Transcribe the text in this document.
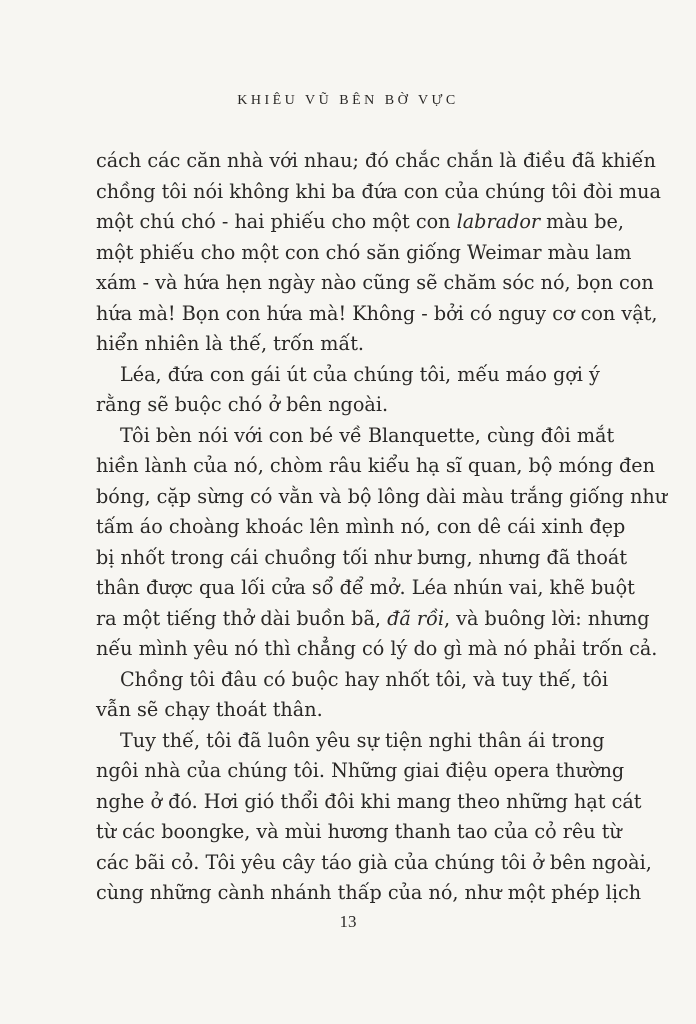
KHIÊU VŨ BÊN BỜ VỰC
cách các căn nhà với nhau; đó chắc chắn là điều đã khiến
chồng tôi nói không khi ba đứa con của chúng tôi đòi mua
một chú chó - hai phiếu cho một con labrador màu be,
một phiếu cho một con chó săn giống Weimar màu lam
xám - và hứa hẹn ngày nào cũng sẽ chăm sóc nó, bọn con
hứa mà! Bọn con hứa mà! Không - bởi có nguy cơ con vật,
hiển nhiên là thế, trốn mất.
Léa, đứa con gái út của chúng tôi, mếu máo gợi ý
rằng sẽ buộc chó ở bên ngoài.
Tôi bèn nói với con bé về Blanquette, cùng đôi mắt
hiền lành của nó, chòm râu kiểu hạ sĩ quan, bộ móng đen
bóng, cặp sừng có vằn và bộ lông dài màu trắng giống như
tấm áo choàng khoác lên mình nó, con dê cái xinh đẹp
bị nhốt trong cái chuồng tối như bưng, nhưng đã thoát
thân được qua lối cửa sổ để mở. Léa nhún vai, khẽ buột
ra một tiếng thở dài buồn bã, đã rồi, và buông lời: nhưng
nếu mình yêu nó thì chẳng có lý do gì mà nó phải trốn cả.
Chồng tôi đâu có buộc hay nhốt tôi, và tuy thế, tôi
vẫn sẽ chạy thoát thân.
Tuy thế, tôi đã luôn yêu sự tiện nghi thân ái trong
ngôi nhà của chúng tôi. Những giai điệu opera thường
nghe ở đó. Hơi gió thổi đôi khi mang theo những hạt cát
từ các boongke, và mùi hương thanh tao của cỏ rêu từ
các bãi cỏ. Tôi yêu cây táo già của chúng tôi ở bên ngoài,
cùng những cành nhánh thấp của nó, như một phép lịch
13
